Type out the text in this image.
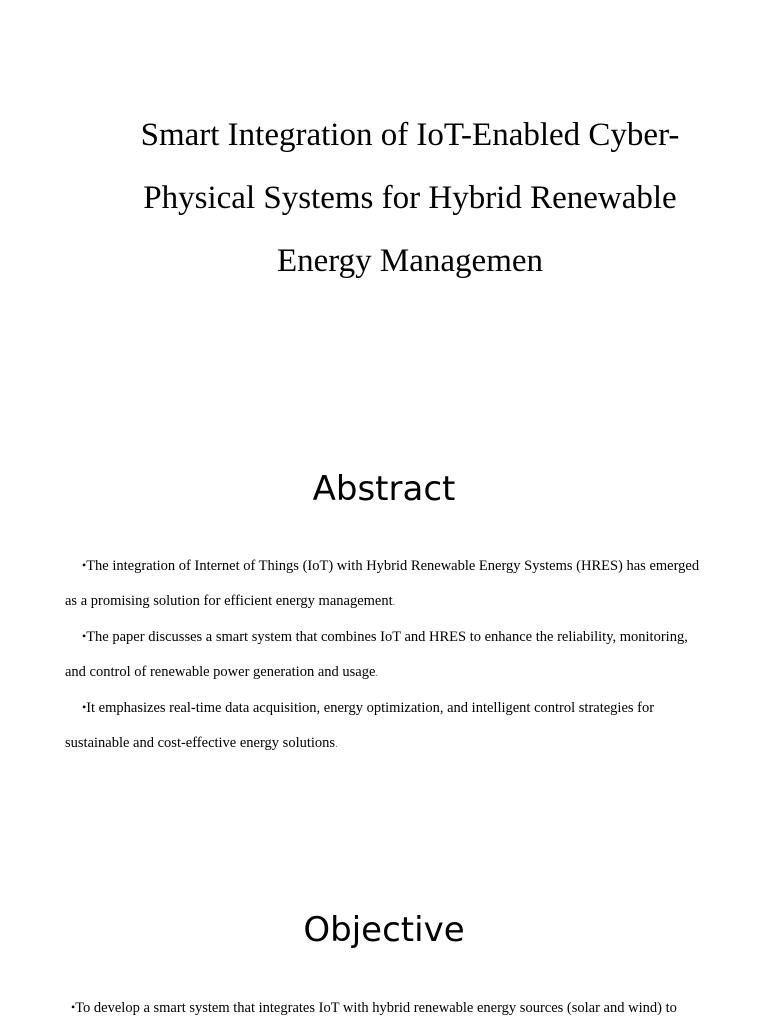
Smart Integration of IoT-Enabled Cyber-Physical Systems for Hybrid Renewable Energy Managemen
Abstract
•The integration of Internet of Things (IoT) with Hybrid Renewable Energy Systems (HRES) has emerged as a promising solution for efficient energy management.
•The paper discusses a smart system that combines IoT and HRES to enhance the reliability, monitoring, and control of renewable power generation and usage.
•It emphasizes real-time data acquisition, energy optimization, and intelligent control strategies for sustainable and cost-effective energy solutions.
Objective
•To develop a smart system that integrates IoT with hybrid renewable energy sources (solar and wind) to
